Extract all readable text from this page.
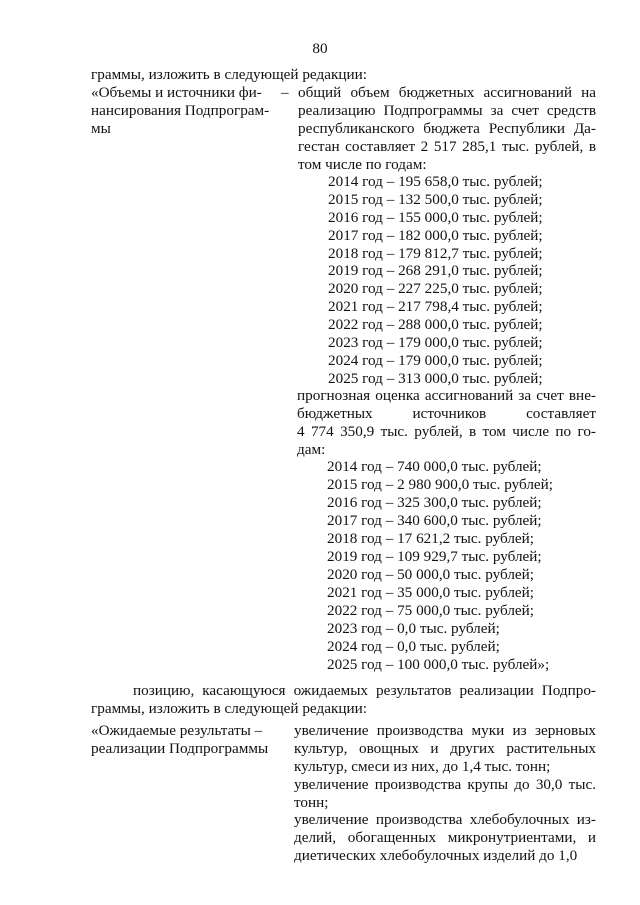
80
граммы, изложить в следующей редакции:
«Объемы и источники фи-
нансирования Подпрограм-
мы
– общий объем бюджетных ассигнований на
реализацию Подпрограммы за счет средств
республиканского бюджета Республики Да-
гестан составляет 2 517 285,1 тыс. рублей, в
том числе по годам:
2014 год – 195 658,0 тыс. рублей;
2015 год – 132 500,0 тыс. рублей;
2016 год – 155 000,0 тыс. рублей;
2017 год – 182 000,0 тыс. рублей;
2018 год – 179 812,7 тыс. рублей;
2019 год – 268 291,0 тыс. рублей;
2020 год – 227 225,0 тыс. рублей;
2021 год – 217 798,4 тыс. рублей;
2022 год – 288 000,0 тыс. рублей;
2023 год – 179 000,0 тыс. рублей;
2024 год – 179 000,0 тыс. рублей;
2025 год – 313 000,0 тыс. рублей;
прогнозная оценка ассигнований за счет вне-
бюджетных источников составляет
4 774 350,9 тыс. рублей, в том числе по го-
дам:
2014 год – 740 000,0 тыс. рублей;
2015 год – 2 980 900,0 тыс. рублей;
2016 год – 325 300,0 тыс. рублей;
2017 год – 340 600,0 тыс. рублей;
2018 год – 17 621,2 тыс. рублей;
2019 год – 109 929,7 тыс. рублей;
2020 год – 50 000,0 тыс. рублей;
2021 год – 35 000,0 тыс. рублей;
2022 год – 75 000,0 тыс. рублей;
2023 год – 0,0 тыс. рублей;
2024 год – 0,0 тыс. рублей;
2025 год – 100 000,0 тыс. рублей»;
позицию, касающуюся ожидаемых результатов реализации Подпро-
граммы, изложить в следующей редакции:
«Ожидаемые результаты –
реализации Подпрограммы
увеличение производства муки из зерновых
культур, овощных и других растительных
культур, смеси из них, до 1,4 тыс. тонн;
увеличение производства крупы до 30,0 тыс.
тонн;
увеличение производства хлебобулочных из-
делий, обогащенных микронутриентами, и
диетических хлебобулочных изделий до 1,0
